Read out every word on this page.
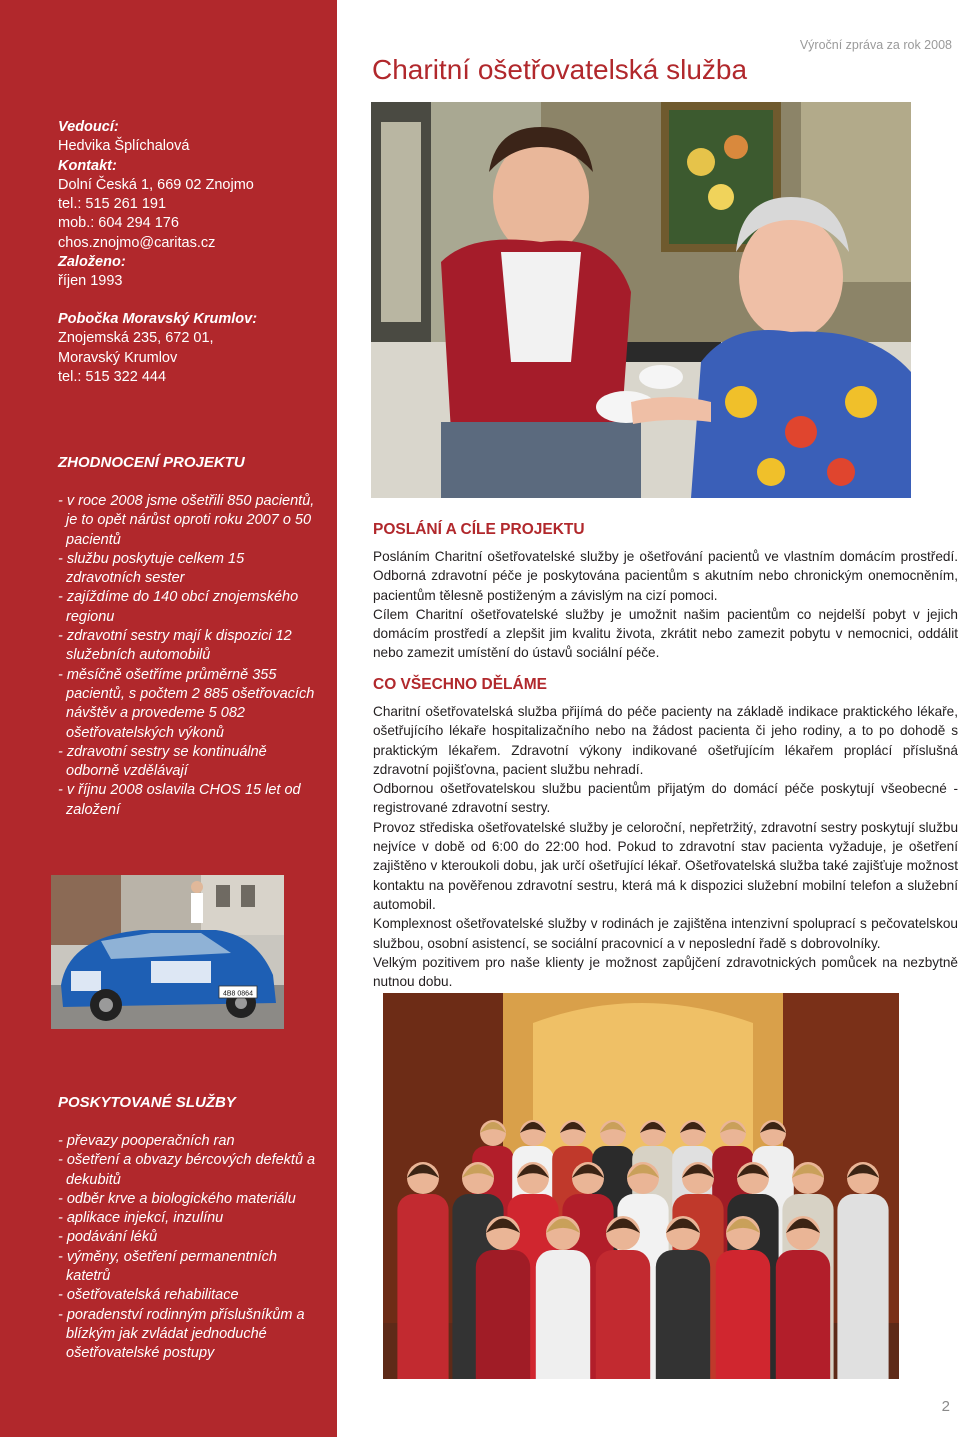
Vedoucí:
Hedvika Šplíchalová
Kontakt:
Dolní Česká 1, 669 02 Znojmo
tel.: 515 261 191
mob.: 604 294 176
chos.znojmo@caritas.cz
Založeno:
říjen 1993
Pobočka Moravský Krumlov:
Znojemská 235, 672 01,
Moravský Krumlov
tel.: 515 322 444
ZHODNOCENÍ PROJEKTU
- v roce 2008 jsme ošetřili 850 pacientů, je to opět nárůst oproti roku 2007 o 50 pacientů
- službu poskytuje celkem 15 zdravotních sester
- zajíždíme do 140 obcí znojemského regionu
- zdravotní sestry mají k dispozici 12 služebních automobilů
- měsíčně ošetříme průměrně 355 pacientů, s počtem 2 885 ošetřovacích návštěv a provedeme 5 082 ošetřovatelských výkonů
- zdravotní sestry se kontinuálně odborně vzdělávají
- v říjnu 2008 oslavila CHOS 15 let od založení
4B8 0864
POSKYTOVANÉ SLUŽBY
- převazy pooperačních ran
- ošetření a obvazy bércových defektů a dekubitů
- odběr krve a biologického materiálu
- aplikace injekcí, inzulínu
- podávání léků
- výměny, ošetření permanentních katetrů
- ošetřovatelská rehabilitace
- poradenství rodinným příslušníkům a blízkým jak zvládat jednoduché ošetřovatelské postupy
Výroční zpráva za rok 2008
Charitní ošetřovatelská služba
POSLÁNÍ A CÍLE PROJEKTU

Posláním Charitní ošetřovatelské služby je ošetřování pacientů ve vlastním domácím prostředí. Odborná zdravotní péče je poskytována pacientům s akutním nebo chronickým onemocněním, pacientům tělesně postiženým a závislým na cizí pomoci.

Cílem Charitní ošetřovatelské služby je umožnit našim pacientům co nejdelší pobyt v jejich domácím prostředí a zlepšit jim kvalitu života, zkrátit nebo zamezit pobytu v nemocnici, oddálit nebo zamezit umístění do ústavů sociální péče.

CO VŠECHNO DĚLÁME

Charitní ošetřovatelská služba přijímá do péče pacienty na základě indikace praktického lékaře, ošetřujícího lékaře hospitalizačního nebo na žádost pacienta či jeho rodiny, a to po dohodě s praktickým lékařem. Zdravotní výkony indikované ošetřujícím lékařem proplácí příslušná zdravotní pojišťovna, pacient službu nehradí.

Odbornou ošetřovatelskou službu pacientům přijatým do domácí péče poskytují všeobecné - registrované zdravotní sestry.

Provoz střediska ošetřovatelské služby je celoroční, nepřetržitý, zdravotní sestry poskytují službu nejvíce v době od 6:00 do 22:00 hod. Pokud to zdravotní stav pacienta vyžaduje, je ošetření zajištěno v kteroukoli dobu, jak určí ošetřující lékař. Ošetřovatelská služba také zajišťuje možnost kontaktu na pověřenou zdravotní sestru, která má k dispozici služební mobilní telefon a služební automobil.

Komplexnost ošetřovatelské služby v rodinách je zajištěna intenzivní spoluprací s pečovatelskou službou, osobní asistencí, se sociální pracovnicí a v neposlední řadě s dobrovolníky.

Velkým pozitivem pro naše klienty je možnost zapůjčení zdravotnických pomůcek na nezbytně nutnou dobu.

2
